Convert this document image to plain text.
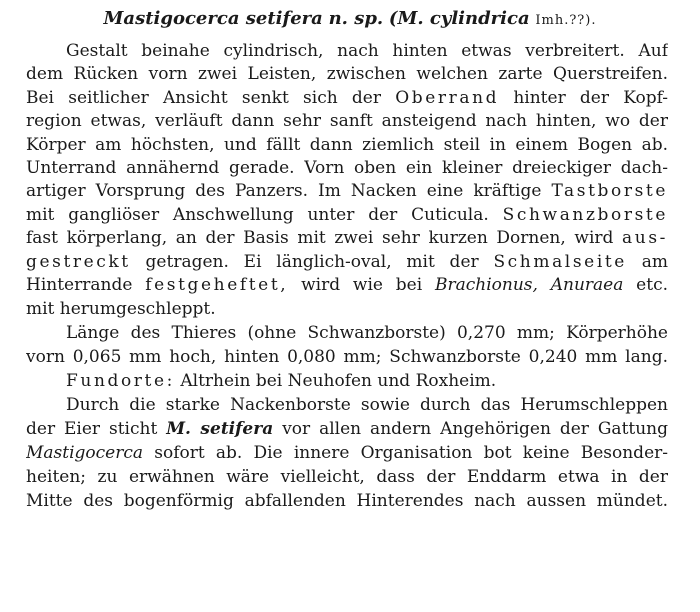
Mastigocerca setifera n. sp. (M. cylindrica Imh.??).
Gestalt beinahe cylindrisch, nach hinten etwas verbreitert. Auf
dem Rücken vorn zwei Leisten, zwischen welchen zarte Querstreifen.
Bei seitlicher Ansicht senkt sich der Oberrand hinter der Kopf-
region etwas, verläuft dann sehr sanft ansteigend nach hinten, wo der
Körper am höchsten, und fällt dann ziemlich steil in einem Bogen ab.
Unterrand annähernd gerade. Vorn oben ein kleiner dreieckiger dach-
artiger Vorsprung des Panzers. Im Nacken eine kräftige Tastborste
mit gangliöser Anschwellung unter der Cuticula. Schwanzborste
fast körperlang, an der Basis mit zwei sehr kurzen Dornen, wird aus-
gestreckt getragen. Ei länglich-oval, mit der Schmalseite am
Hinterrande festgeheftet, wird wie bei Brachionus, Anuraea etc.
mit herumgeschleppt.
Länge des Thieres (ohne Schwanzborste) 0,270 mm; Körperhöhe
vorn 0,065 mm hoch, hinten 0,080 mm; Schwanzborste 0,240 mm lang.
Fundorte: Altrhein bei Neuhofen und Roxheim.
Durch die starke Nackenborste sowie durch das Herumschleppen
der Eier sticht M. setifera vor allen andern Angehörigen der Gattung
Mastigocerca sofort ab. Die innere Organisation bot keine Besonder-
heiten; zu erwähnen wäre vielleicht, dass der Enddarm etwa in der
Mitte des bogenförmig abfallenden Hinterendes nach aussen mündet.
